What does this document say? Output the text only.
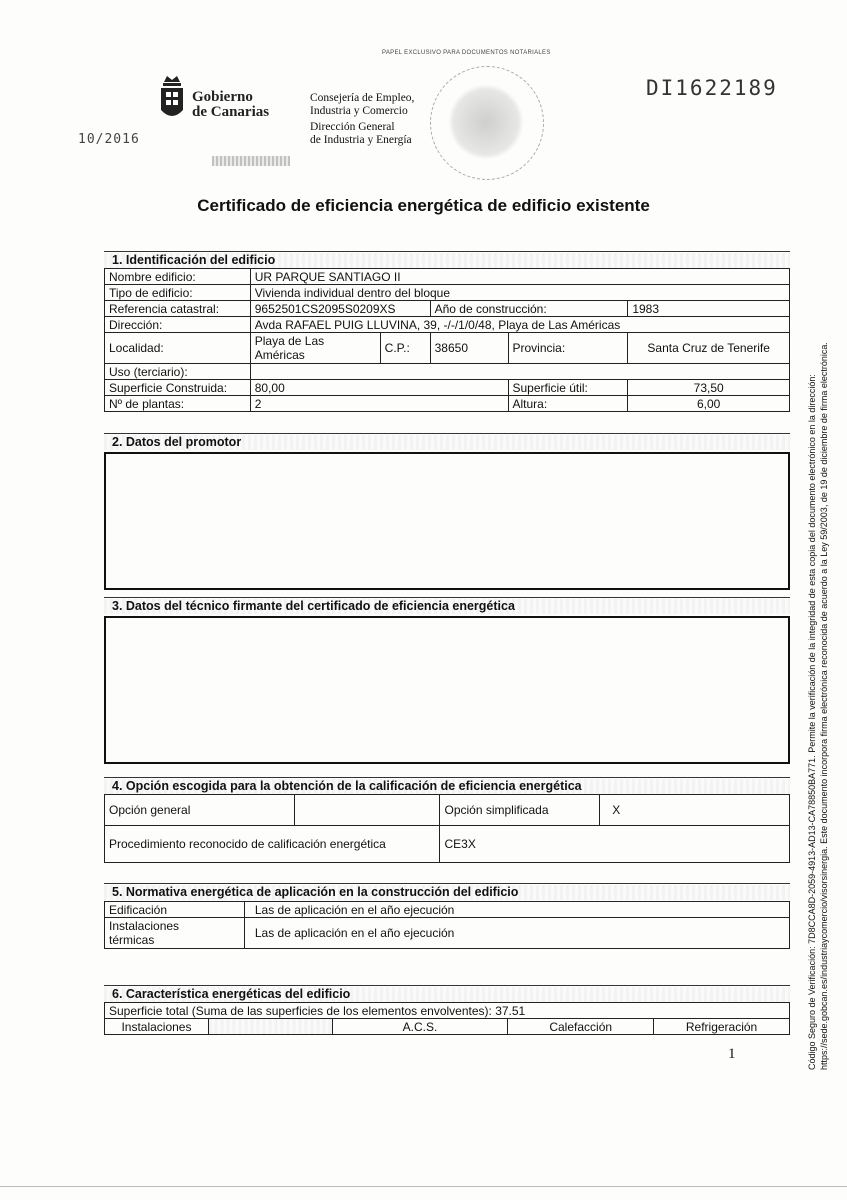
PAPEL EXCLUSIVO PARA DOCUMENTOS NOTARIALES
Gobierno
de Canarias
10/2016
Consejería de Empleo,
Industria y Comercio
Dirección General
de Industria y Energía
DI1622189
Certificado de eficiencia energética de edificio existente
Código Seguro de Verificación: 7D8CCA8D-2059-4913-AD13-CA78850BA771. Permite la verificación de la integridad de esta copia del documento electrónico en la dirección: https://sede.gobcan.es/industriaycomercio/visorsinergia. Este documento incorpora firma electrónica reconocida de acuerdo a la Ley 59/2003, de 19 de diciembre de firma electrónica.
1. Identificación del edificio
Nombre edificio:	UR PARQUE SANTIAGO II				
Tipo de edificio:	Vivienda individual dentro del bloque				
Referencia catastral:	9652501CS2095S0209XS		Año de construcción:		1983
Dirección:	Avda RAFAEL PUIG LLUVINA, 39, -/-/1/0/48, Playa de Las Américas				
Localidad:	Playa de Las Américas	C.P.:	38650	Provincia:	Santa Cruz de Tenerife
Uso (terciario):					
Superficie Construida:	80,00			Superficie útil:	73,50
Nº de plantas:	2			Altura:	6,00
2. Datos del promotor
3. Datos del técnico firmante del certificado de eficiencia energética
4. Opción escogida para la obtención de la calificación de eficiencia energética
Opción general		Opción simplificada	X
Procedimiento reconocido de calificación energética		CE3X	
5. Normativa energética de aplicación en la construcción del edificio
Edificación	Las de aplicación en el año ejecución

Instalaciones
térmicas	Las de aplicación en el año ejecución
6. Característica energéticas del edificio
Superficie total (Suma de las superficies de los elementos envolventes): 37.51
Instalaciones		A.C.S.	Calefacción	Refrigeración
1
